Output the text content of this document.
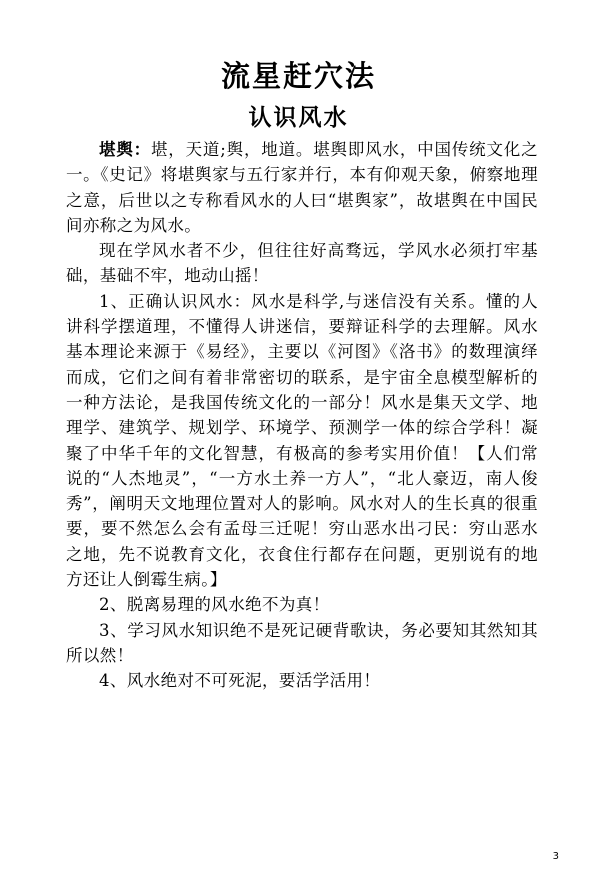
流星赶穴法
认识风水

堪舆：堪，天道;舆，地道。堪舆即风水，中国传统文化之一。《史记》将堪舆家与五行家并行，本有仰观天象，俯察地理之意，后世以之专称看风水的人曰“堪舆家”，故堪舆在中国民间亦称之为风水。

现在学风水者不少，但往往好高骛远，学风水必须打牢基础，基础不牢，地动山摇！

1、正确认识风水：风水是科学,与迷信没有关系。懂的人讲科学摆道理，不懂得人讲迷信，要辩证科学的去理解。风水基本理论来源于《易经》，主要以《河图》《洛书》的数理演绎而成，它们之间有着非常密切的联系，是宇宙全息模型解析的一种方法论，是我国传统文化的一部分！风水是集天文学、地理学、建筑学、规划学、环境学、预测学一体的综合学科！凝聚了中华千年的文化智慧，有极高的参考实用价值！【人们常说的“人杰地灵”，“一方水土养一方人”，“北人豪迈，南人俊秀”，阐明天文地理位置对人的影响。风水对人的生长真的很重要，要不然怎么会有孟母三迁呢！穷山恶水出刁民：穷山恶水之地，先不说教育文化，衣食住行都存在问题，更别说有的地方还让人倒霉生病。】

2、脱离易理的风水绝不为真！

3、学习风水知识绝不是死记硬背歌诀，务必要知其然知其所以然！

4、风水绝对不可死泥，要活学活用！

3
